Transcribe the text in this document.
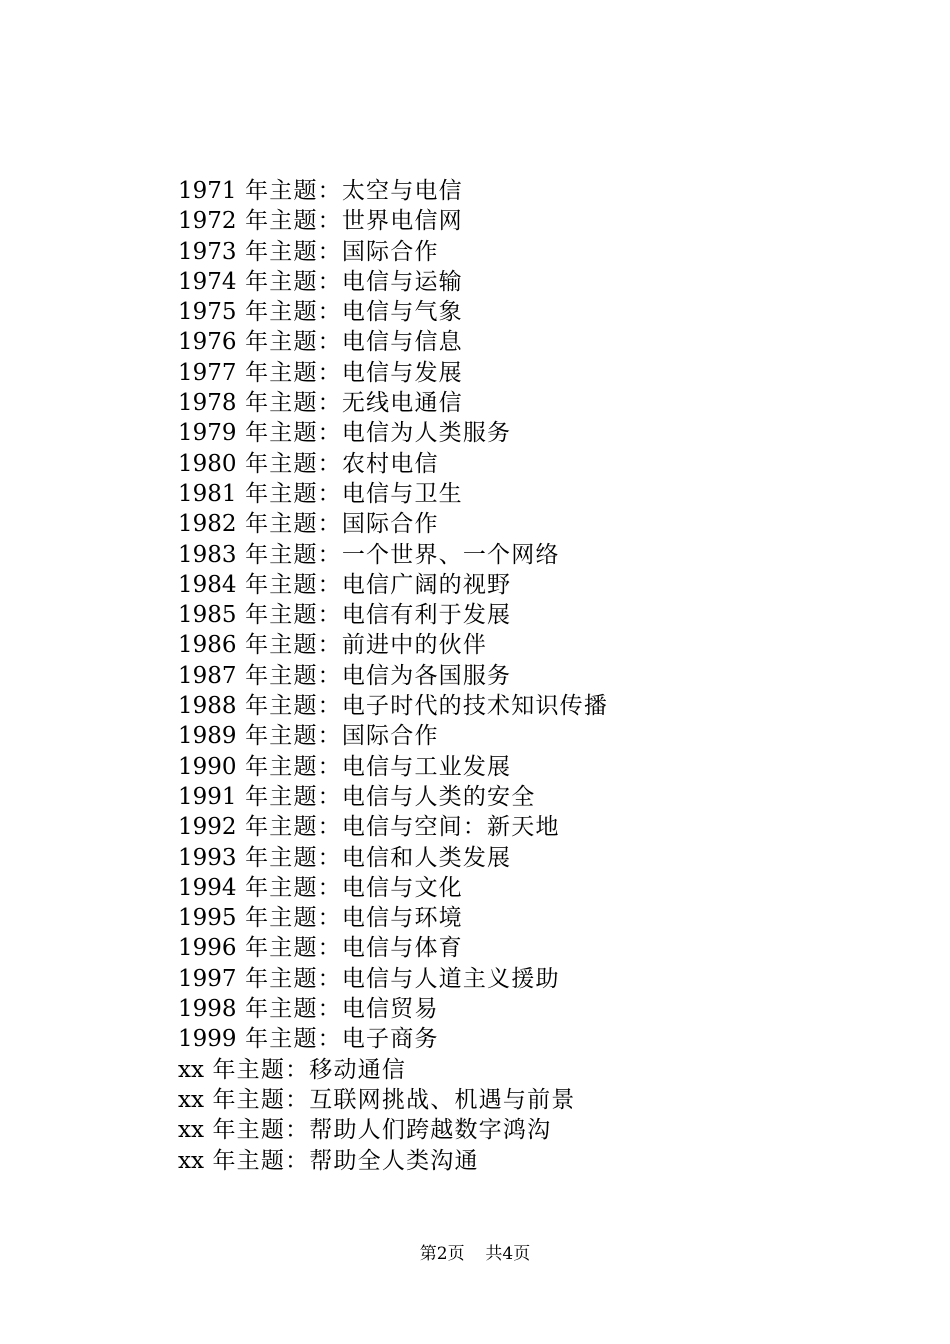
1971 年主题：太空与电信
1972 年主题：世界电信网
1973 年主题：国际合作
1974 年主题：电信与运输
1975 年主题：电信与气象
1976 年主题：电信与信息
1977 年主题：电信与发展
1978 年主题：无线电通信
1979 年主题：电信为人类服务
1980 年主题：农村电信
1981 年主题：电信与卫生
1982 年主题：国际合作
1983 年主题：一个世界、一个网络
1984 年主题：电信广阔的视野
1985 年主题：电信有利于发展
1986 年主题：前进中的伙伴
1987 年主题：电信为各国服务
1988 年主题：电子时代的技术知识传播
1989 年主题：国际合作
1990 年主题：电信与工业发展
1991 年主题：电信与人类的安全
1992 年主题：电信与空间：新天地
1993 年主题：电信和人类发展
1994 年主题：电信与文化
1995 年主题：电信与环境
1996 年主题：电信与体育
1997 年主题：电信与人道主义援助
1998 年主题：电信贸易
1999 年主题：电子商务
xx 年主题：移动通信
xx 年主题：互联网挑战、机遇与前景
xx 年主题：帮助人们跨越数字鸿沟
xx 年主题：帮助全人类沟通
第2页 共4页
